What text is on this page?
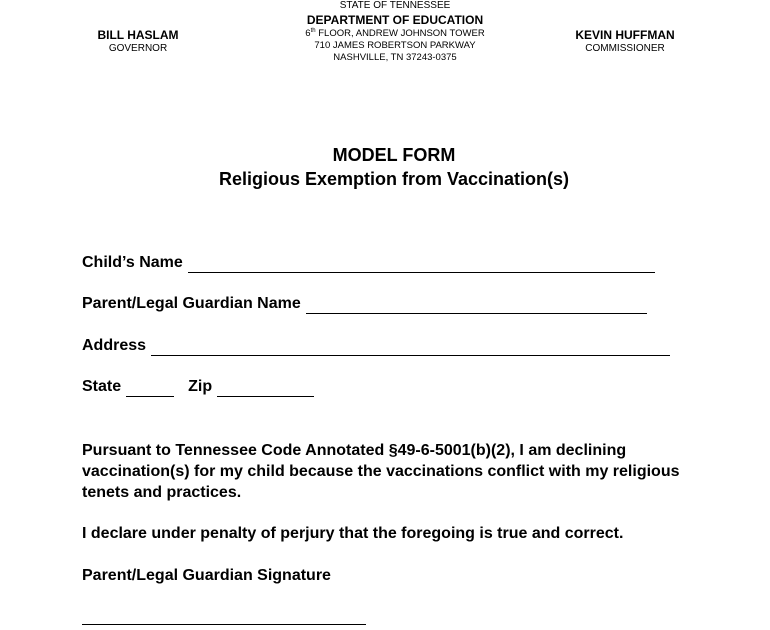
BILL HASLAM
GOVERNOR
STATE OF TENNESSEE
DEPARTMENT OF EDUCATION
6th FLOOR, ANDREW JOHNSON TOWER
710 JAMES ROBERTSON PARKWAY
NASHVILLE, TN 37243-0375
KEVIN HUFFMAN
COMMISSIONER
MODEL FORM
Religious Exemption from Vaccination(s)
Child’s Name
Parent/Legal Guardian Name
Address
State	Zip
Pursuant to Tennessee Code Annotated §49-6-5001(b)(2), I am declining vaccination(s) for my child because the vaccinations conflict with my religious tenets and practices.
I declare under penalty of perjury that the foregoing is true and correct.
Parent/Legal Guardian Signature
